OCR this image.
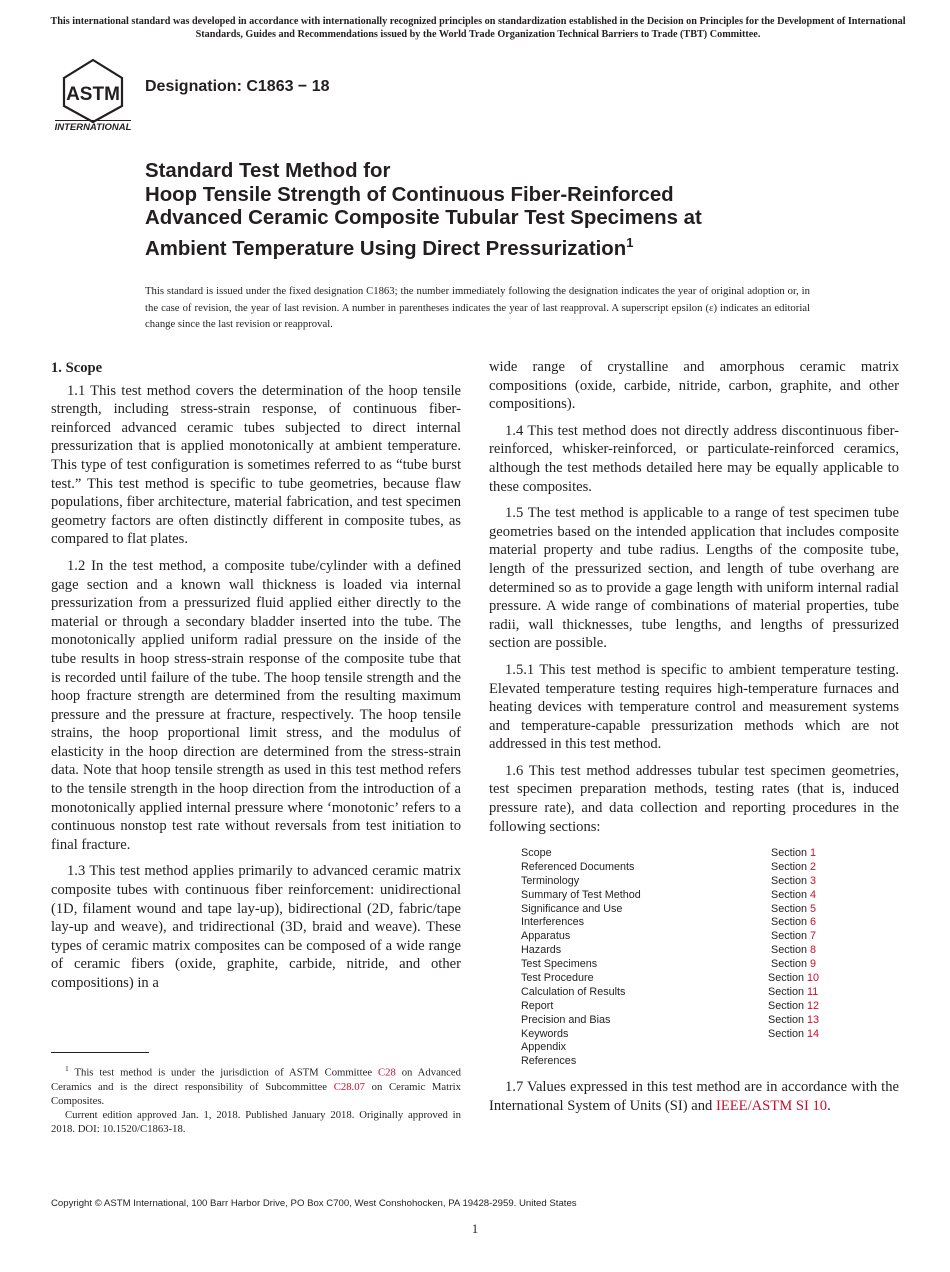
This international standard was developed in accordance with internationally recognized principles on standardization established in the Decision on Principles for the Development of International Standards, Guides and Recommendations issued by the World Trade Organization Technical Barriers to Trade (TBT) Committee.
ASTM
INTERNATIONAL
Designation: C1863 − 18
Standard Test Method for
Hoop Tensile Strength of Continuous Fiber-Reinforced
Advanced Ceramic Composite Tubular Test Specimens at
Ambient Temperature Using Direct Pressurization$^1$
This standard is issued under the fixed designation C1863; the number immediately following the designation indicates the year of original adoption or, in the case of revision, the year of last revision. A number in parentheses indicates the year of last reapproval. A superscript epsilon (ε) indicates an editorial change since the last revision or reapproval.
1. Scope

1.1 This test method covers the determination of the hoop tensile strength, including stress-strain response, of continuous fiber-reinforced advanced ceramic tubes subjected to direct internal pressurization that is applied monotonically at ambient temperature. This type of test configuration is sometimes referred to as “tube burst test.” This test method is specific to tube geometries, because flaw populations, fiber architecture, material fabrication, and test specimen geometry factors are often distinctly different in composite tubes, as compared to flat plates.

1.2 In the test method, a composite tube/cylinder with a defined gage section and a known wall thickness is loaded via internal pressurization from a pressurized fluid applied either directly to the material or through a secondary bladder inserted into the tube. The monotonically applied uniform radial pressure on the inside of the tube results in hoop stress-strain response of the composite tube that is recorded until failure of the tube. The hoop tensile strength and the hoop fracture strength are determined from the resulting maximum pressure and the pressure at fracture, respectively. The hoop tensile strains, the hoop proportional limit stress, and the modulus of elasticity in the hoop direction are determined from the stress-strain data. Note that hoop tensile strength as used in this test method refers to the tensile strength in the hoop direction from the introduction of a monotonically applied internal pressure where ‘monotonic’ refers to a continuous nonstop test rate without reversals from test initiation to final fracture.

1.3 This test method applies primarily to advanced ceramic matrix composite tubes with continuous fiber reinforcement: unidirectional (1D, filament wound and tape lay-up), bidirectional (2D, fabric/tape lay-up and weave), and tridirectional (3D, braid and weave). These types of ceramic matrix composites can be composed of a wide range of ceramic fibers (oxide, graphite, carbide, nitride, and other compositions) in a

wide range of crystalline and amorphous ceramic matrix compositions (oxide, carbide, nitride, carbon, graphite, and other compositions).

1.4 This test method does not directly address discontinuous fiber-reinforced, whisker-reinforced, or particulate-reinforced ceramics, although the test methods detailed here may be equally applicable to these composites.

1.5 The test method is applicable to a range of test specimen tube geometries based on the intended application that includes composite material property and tube radius. Lengths of the composite tube, length of the pressurized section, and length of tube overhang are determined so as to provide a gage length with uniform internal radial pressure. A wide range of combinations of material properties, tube radii, wall thicknesses, tube lengths, and lengths of pressurized section are possible.

1.5.1 This test method is specific to ambient temperature testing. Elevated temperature testing requires high-temperature furnaces and heating devices with temperature control and measurement systems and temperature-capable pressurization methods which are not addressed in this test method.

1.6 This test method addresses tubular test specimen geometries, test specimen preparation methods, testing rates (that is, induced pressure rate), and data collection and reporting procedures in the following sections:

Scope	Section 1
Referenced Documents	Section 2
Terminology	Section 3
Summary of Test Method	Section 4
Significance and Use	Section 5
Interferences	Section 6
Apparatus	Section 7
Hazards	Section 8
Test Specimens	Section 9
Test Procedure	Section 10
Calculation of Results	Section 11
Report	Section 12
Precision and Bias	Section 13
Keywords	Section 14
Appendix
References

1.7 Values expressed in this test method are in accordance with the International System of Units (SI) and IEEE/ASTM SI 10.

$^1$ This test method is under the jurisdiction of ASTM Committee C28 on Advanced Ceramics and is the direct responsibility of Subcommittee C28.07 on Ceramic Matrix Composites.

Current edition approved Jan. 1, 2018. Published January 2018. Originally approved in 2018. DOI: 10.1520/C1863-18.

Copyright © ASTM International, 100 Barr Harbor Drive, PO Box C700, West Conshohocken, PA 19428-2959. United States
1
